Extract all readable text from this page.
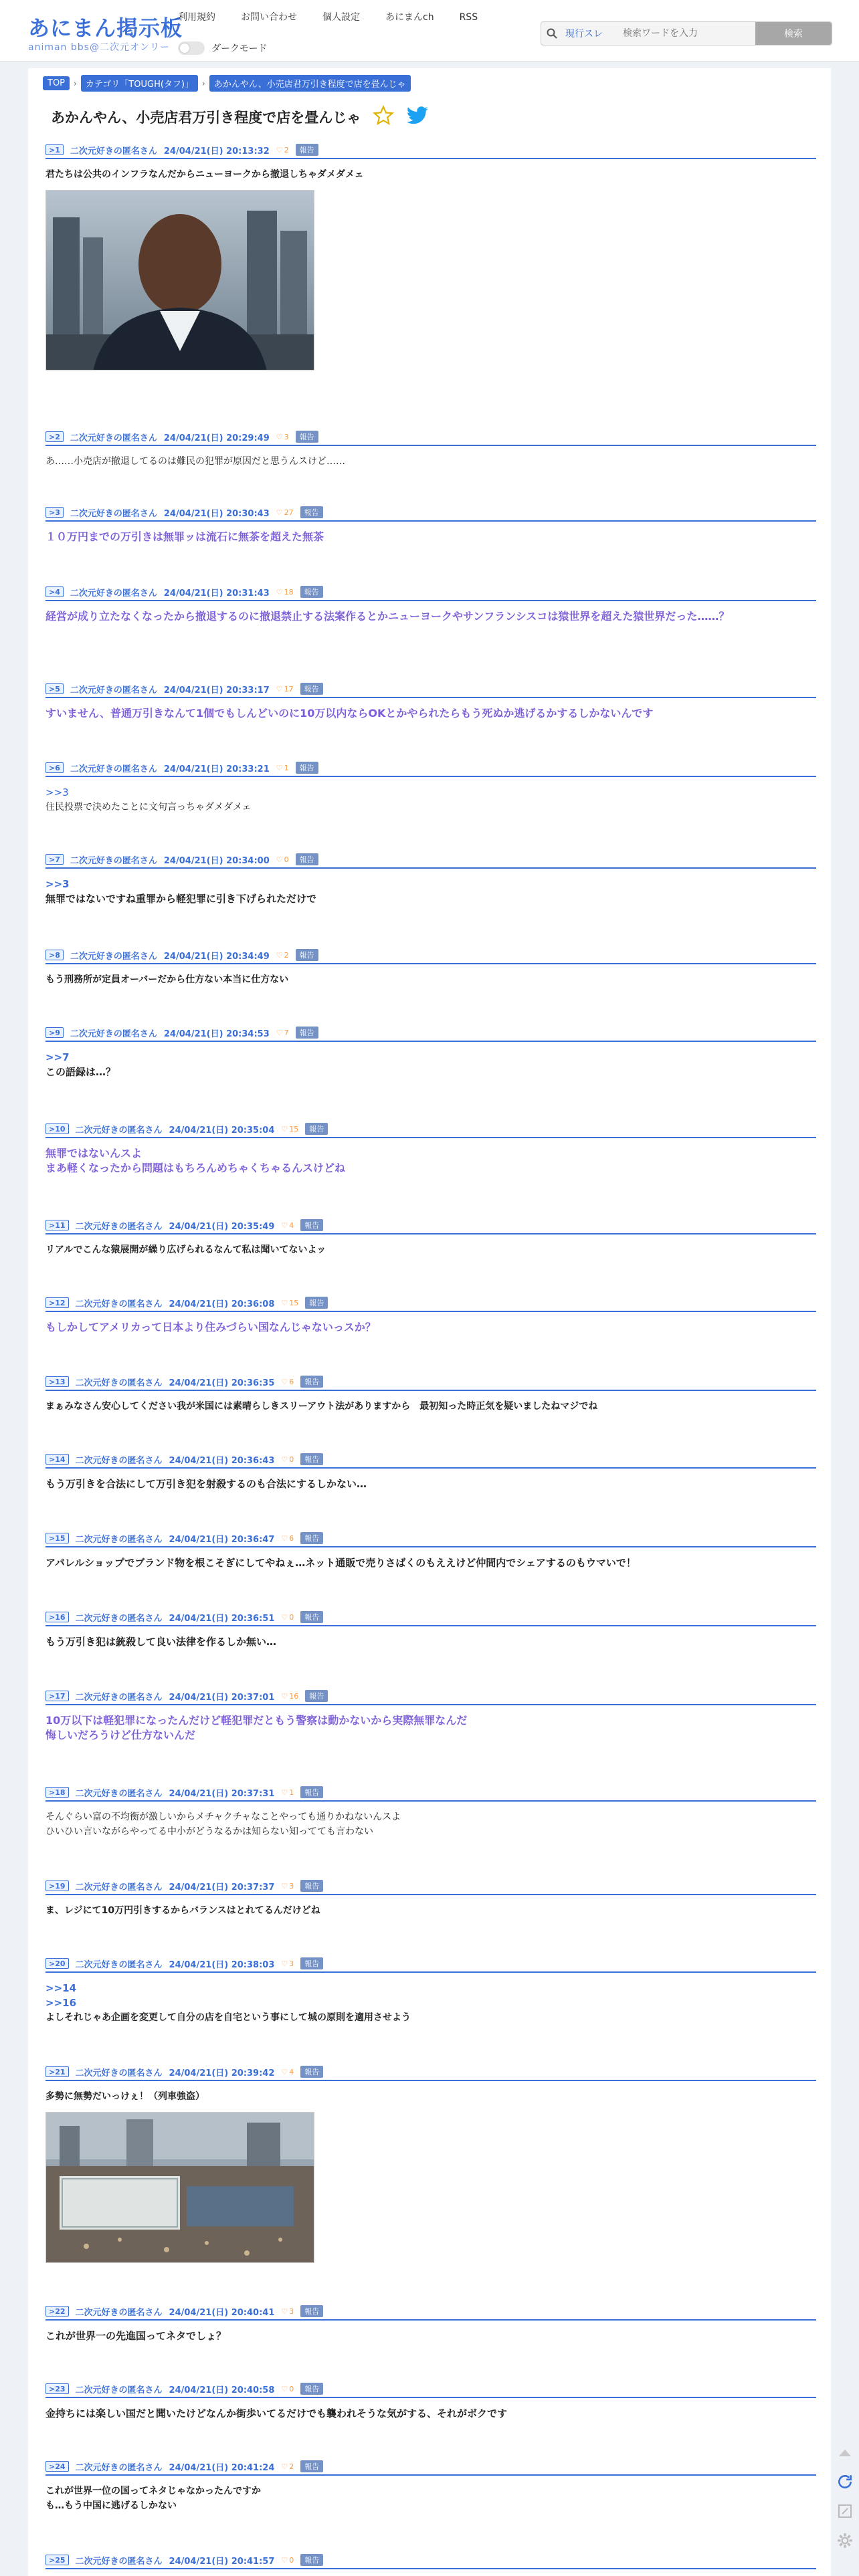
あにまん掲示板
animan bbs@二次元オンリー
利用規約	お問い合わせ	個人設定	あにまんch	RSS
ダークモード
現行スレ
検索ワードを入力	検索
TOP	›	カテゴリ「TOUGH(タフ)」	›	あかんやん、小売店君万引き程度で店を畳んじゃ
あかんやん、小売店君万引き程度で店を畳んじゃ
>1	二次元好きの匿名さん 24/04/21(日) 20:13:32 ♡ 2	報告
君たちは公共のインフラなんだからニューヨークから撤退しちゃダメダメェ
>2	二次元好きの匿名さん 24/04/21(日) 20:29:49 ♡ 3	報告
あ……小売店が撤退してるのは難民の犯罪が原因だと思うんスけど……
>3	二次元好きの匿名さん 24/04/21(日) 20:30:43 ♡ 27	報告
１０万円までの万引きは無罪ッは流石に無茶を超えた無茶
>4	二次元好きの匿名さん 24/04/21(日) 20:31:43 ♡ 18	報告
経営が成り立たなくなったから撤退するのに撤退禁止する法案作るとかニューヨークやサンフランシスコは猿世界を超えた猿世界だった……？
>5	二次元好きの匿名さん 24/04/21(日) 20:33:17 ♡ 17	報告
すいません、普通万引きなんて1個でもしんどいのに10万以内ならOKとかやられたらもう死ぬか逃げるかするしかないんです
>6	二次元好きの匿名さん 24/04/21(日) 20:33:21 ♡ 1	報告
>>3
住民投票で決めたことに文句言っちゃダメダメェ
>7	二次元好きの匿名さん 24/04/21(日) 20:34:00 ♡ 0	報告
>>3
無罪ではないですね重罪から軽犯罪に引き下げられただけで
>8	二次元好きの匿名さん 24/04/21(日) 20:34:49 ♡ 2	報告
もう刑務所が定員オーバーだから仕方ない本当に仕方ない
>9	二次元好きの匿名さん 24/04/21(日) 20:34:53 ♡ 7	報告
>>7
この語録は…？
>10	二次元好きの匿名さん 24/04/21(日) 20:35:04 ♡ 15	報告
無罪ではないんスよ
まあ軽くなったから問題はもちろんめちゃくちゃるんスけどね
>11	二次元好きの匿名さん 24/04/21(日) 20:35:49 ♡ 4	報告
リアルでこんな猿展開が繰り広げられるなんて私は聞いてないよッ
>12	二次元好きの匿名さん 24/04/21(日) 20:36:08 ♡ 15	報告
もしかしてアメリカって日本より住みづらい国なんじゃないっスか？
>13	二次元好きの匿名さん 24/04/21(日) 20:36:35 ♡ 6	報告
まぁみなさん安心してください我が米国には素晴らしきスリーアウト法がありますから　最初知った時正気を疑いましたねマジでね
>14	二次元好きの匿名さん 24/04/21(日) 20:36:43 ♡ 0	報告
もう万引きを合法にして万引き犯を射殺するのも合法にするしかない…
>15	二次元好きの匿名さん 24/04/21(日) 20:36:47 ♡ 6	報告
アパレルショップでブランド物を根こそぎにしてやねぇ…ネット通販で売りさばくのもええけど仲間内でシェアするのもウマいで！
>16	二次元好きの匿名さん 24/04/21(日) 20:36:51 ♡ 0	報告
もう万引き犯は銃殺して良い法律を作るしか無い…
>17	二次元好きの匿名さん 24/04/21(日) 20:37:01 ♡ 16	報告
10万以下は軽犯罪になったんだけど軽犯罪だともう警察は動かないから実際無罪なんだ
悔しいだろうけど仕方ないんだ
>18	二次元好きの匿名さん 24/04/21(日) 20:37:31 ♡ 1	報告
そんぐらい富の不均衡が激しいからメチャクチャなことやっても通りかねないんスよ
ひいひい言いながらやってる中小がどうなるかは知らない知ってても言わない
>19	二次元好きの匿名さん 24/04/21(日) 20:37:37 ♡ 3	報告
ま、レジにて10万円引きするからバランスはとれてるんだけどね
>20	二次元好きの匿名さん 24/04/21(日) 20:38:03 ♡ 3	報告
>>14
>>16
よしそれじゃあ企画を変更して自分の店を自宅という事にして城の原則を適用させよう
>21	二次元好きの匿名さん 24/04/21(日) 20:39:42 ♡ 4	報告
多勢に無勢だいっけぇ！（列車強盗）
>22	二次元好きの匿名さん 24/04/21(日) 20:40:41 ♡ 3	報告
これが世界一の先進国ってネタでしょ？
>23	二次元好きの匿名さん 24/04/21(日) 20:40:58 ♡ 0	報告
金持ちには楽しい国だと聞いたけどなんか街歩いてるだけでも襲われそうな気がする、それがボクです
>24	二次元好きの匿名さん 24/04/21(日) 20:41:24 ♡ 2	報告
これが世界一位の国ってネタじゃなかったんですか
も…もう中国に逃げるしかない
>25	二次元好きの匿名さん 24/04/21(日) 20:41:57 ♡ 0	報告
